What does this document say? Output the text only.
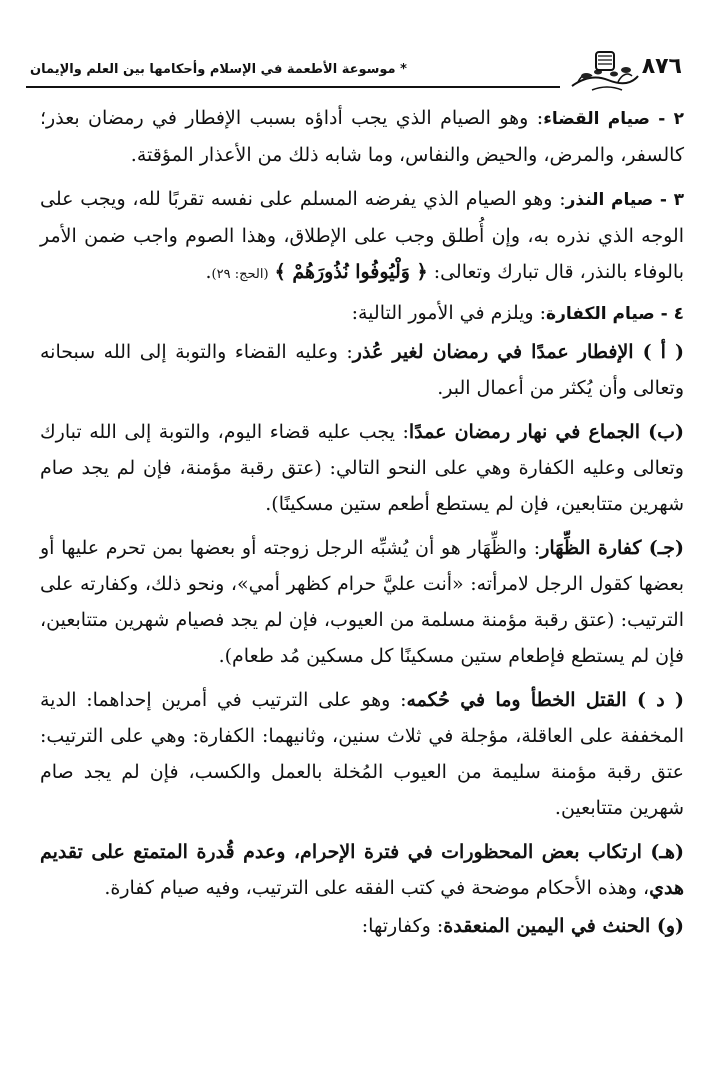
٨٧٦
* موسوعة الأطعمة في الإسلام وأحكامها بين العلم والإيمان

٢ - صيام القضاء: وهو الصيام الذي يجب أداؤه بسبب الإفطار في رمضان بعذر؛ كالسفر، والمرض، والحيض والنفاس، وما شابه ذلك من الأعذار المؤقتة.

٣ - صيام النذر: وهو الصيام الذي يفرضه المسلم على نفسه تقربًا لله، ويجب على الوجه الذي نذره به، وإن أُطلق وجب على الإطلاق، وهذا الصوم واجب ضمن الأمر بالوفاء بالنذر، قال تبارك وتعالى: ﴿ وَلْيُوفُوا نُذُورَهُمْ ﴾ (الحج: ٢٩).

٤ - صيام الكفارة: ويلزم في الأمور التالية:

( أ ) الإفطار عمدًا في رمضان لغير عُذر: وعليه القضاء والتوبة إلى الله سبحانه وتعالى وأن يُكثر من أعمال البر.

(ب) الجماع في نهار رمضان عمدًا: يجب عليه قضاء اليوم، والتوبة إلى الله تبارك وتعالى وعليه الكفارة وهي على النحو التالي: (عتق رقبة مؤمنة، فإن لم يجد صام شهرين متتابعين، فإن لم يستطع أطعم ستين مسكينًا).

(جـ) كفارة الظِّهَار: والظِّهَار هو أن يُشبِّه الرجل زوجته أو بعضها بمن تحرم عليها أو بعضها كقول الرجل لامرأته: «أنت عليَّ حرام كظهر أمي»، ونحو ذلك، وكفارته على الترتيب: (عتق رقبة مؤمنة مسلمة من العيوب، فإن لم يجد فصيام شهرين متتابعين، فإن لم يستطع فإطعام ستين مسكينًا كل مسكين مُد طعام).

( د ) القتل الخطأ وما في حُكمه: وهو على الترتيب في أمرين إحداهما: الدية المخففة على العاقلة، مؤجلة في ثلاث سنين، وثانيهما: الكفارة: وهي على الترتيب: عتق رقبة مؤمنة سليمة من العيوب المُخلة بالعمل والكسب، فإن لم يجد صام شهرين متتابعين.

(هـ) ارتكاب بعض المحظورات في فترة الإحرام، وعدم قُدرة المتمتع على تقديم هدي، وهذه الأحكام موضحة في كتب الفقه على الترتيب، وفيه صيام كفارة.

(و) الحنث في اليمين المنعقدة: وكفارتها:
